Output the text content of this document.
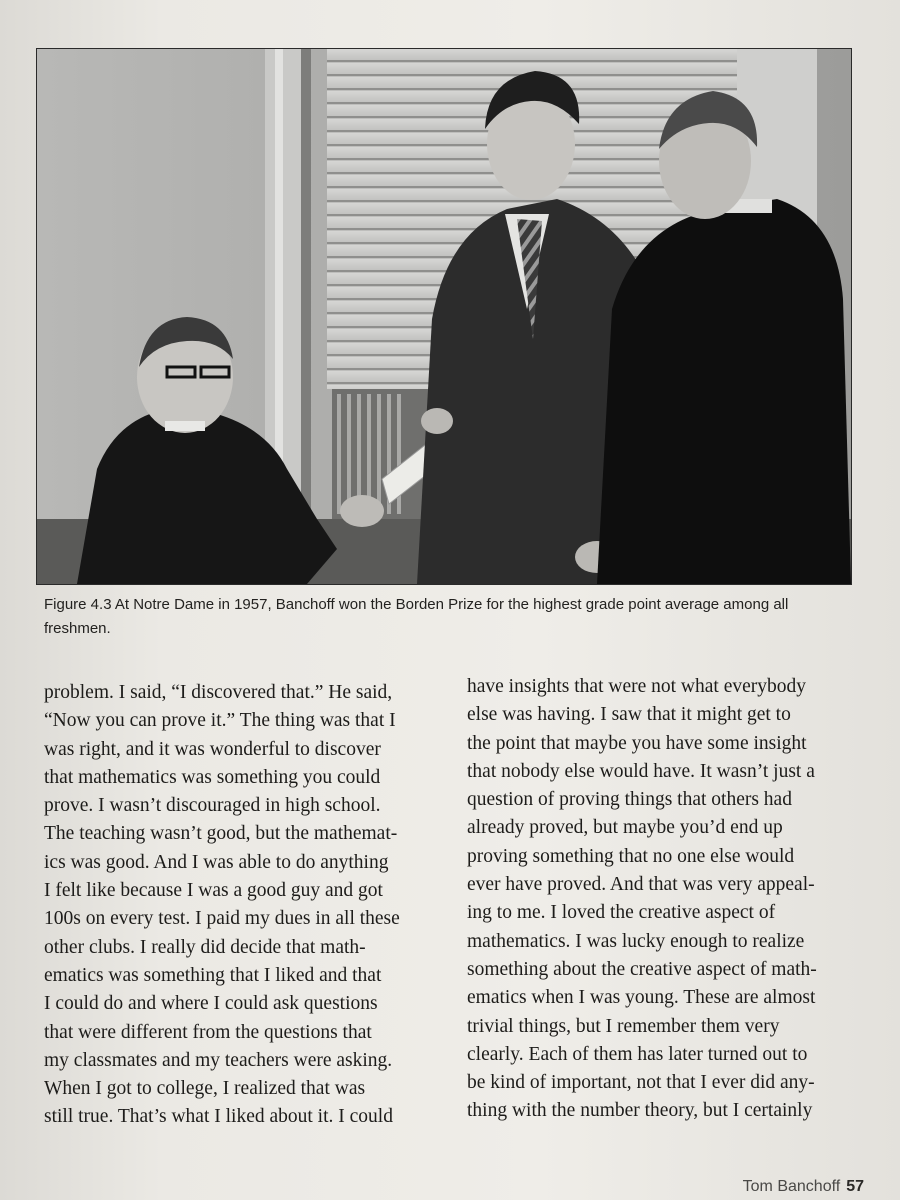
Figure 4.3 At Notre Dame in 1957, Banchoff won the Borden Prize for the highest grade point average among all freshmen.
problem. I said, “I discovered that.” He said,
“Now you can prove it.” The thing was that I
was right, and it was wonderful to discover
that mathematics was something you could
prove. I wasn’t discouraged in high school.
The teaching wasn’t good, but the mathemat-
ics was good. And I was able to do anything
I felt like because I was a good guy and got
100s on every test. I paid my dues in all these
other clubs. I really did decide that math-
ematics was something that I liked and that
I could do and where I could ask questions
that were different from the questions that
my classmates and my teachers were asking.
When I got to college, I realized that was
still true. That’s what I liked about it. I could
have insights that were not what everybody
else was having. I saw that it might get to
the point that maybe you have some insight
that nobody else would have. It wasn’t just a
question of proving things that others had
already proved, but maybe you’d end up
proving something that no one else would
ever have proved. And that was very appeal-
ing to me. I loved the creative aspect of
mathematics. I was lucky enough to realize
something about the creative aspect of math-
ematics when I was young. These are almost
trivial things, but I remember them very
clearly. Each of them has later turned out to
be kind of important, not that I ever did any-
thing with the number theory, but I certainly
Tom Banchoff 57
